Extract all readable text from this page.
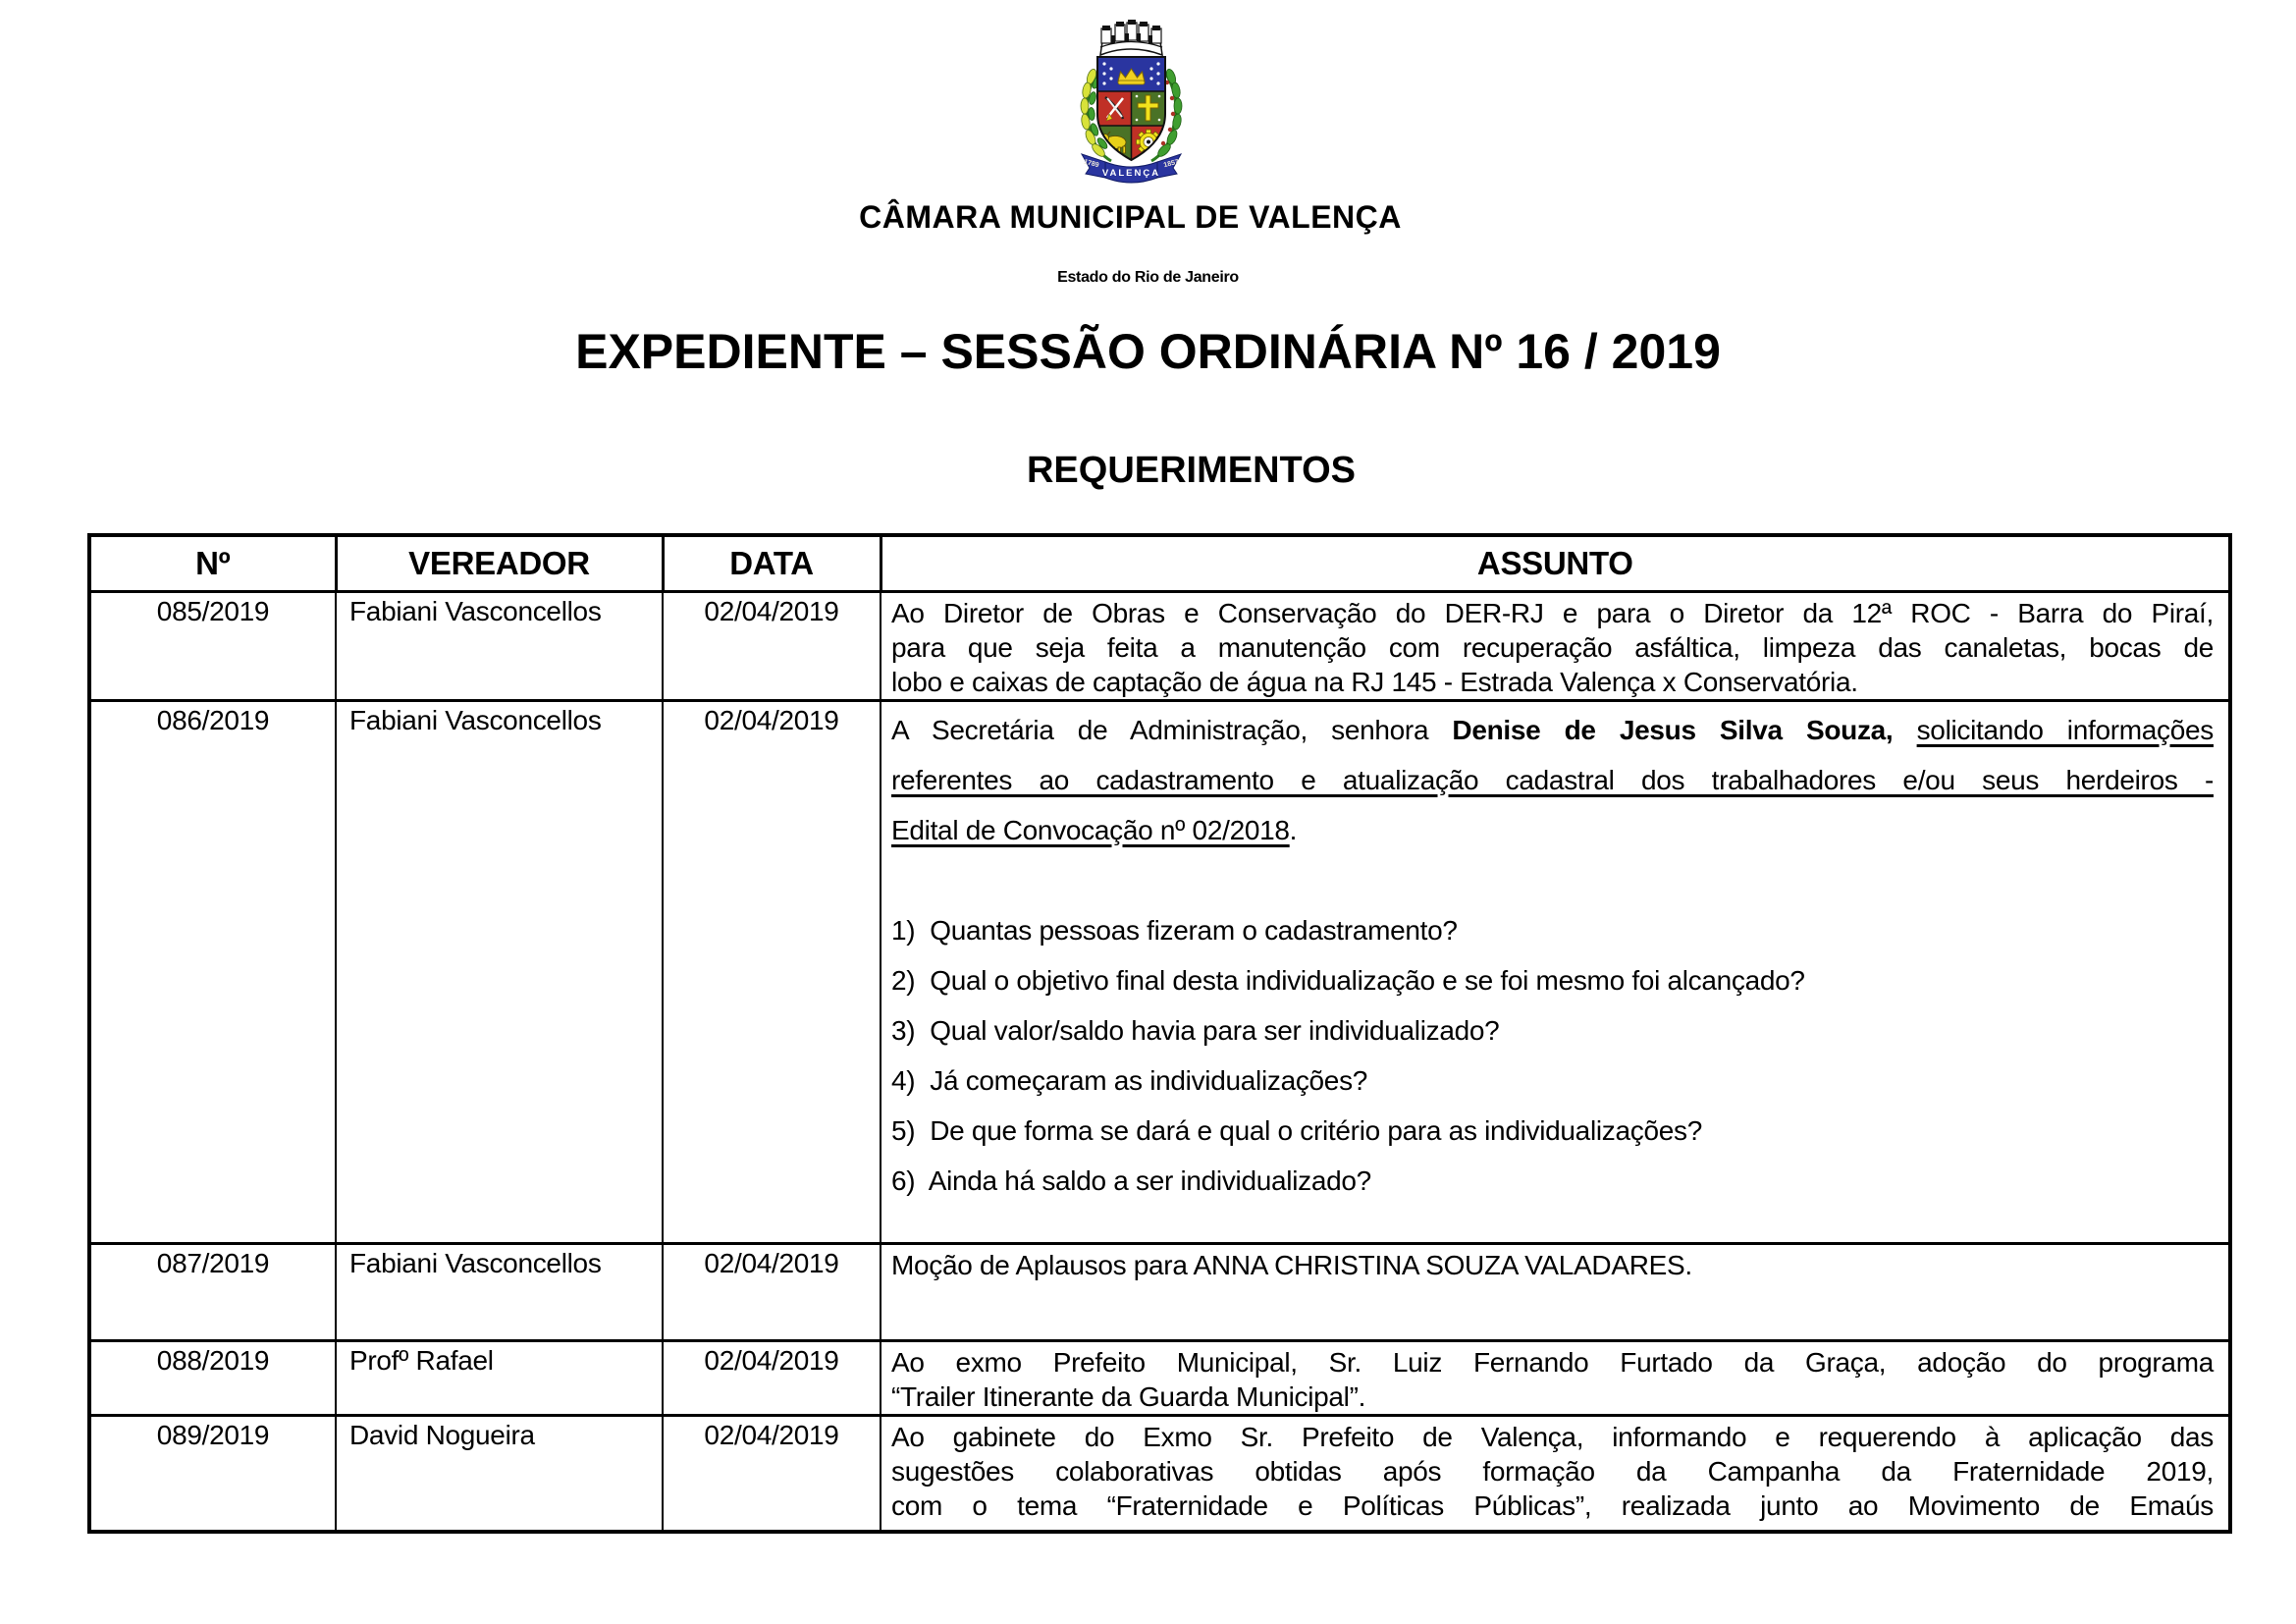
1789	1857
VALENÇA
CÂMARA MUNICIPAL DE VALENÇA
Estado do Rio de Janeiro
EXPEDIENTE – SESSÃO ORDINÁRIA Nº 16 / 2019
REQUERIMENTOS
Nº	VEREADOR	DATA	ASSUNTO
085/2019	Fabiani Vasconcellos	02/04/2019	Ao Diretor de Obras e Conservação do DER-RJ e para o Diretor da 12ª ROC - Barra do Piraí,
para que seja feita a manutenção com recuperação asfáltica, limpeza das canaletas, bocas de
lobo e caixas de captação de água na RJ 145 - Estrada Valença x Conservatória.

086/2019	Fabiani Vasconcellos	02/04/2019	A Secretária de Administração, senhora Denise de Jesus Silva Souza, solicitando informações
referentes ao cadastramento e atualização cadastral dos trabalhadores e/ou seus herdeiros -
Edital de Convocação nº 02/2018.
1)  Quantas pessoas fizeram o cadastramento?
2)  Qual o objetivo final desta individualização e se foi mesmo foi alcançado?
3)  Qual valor/saldo havia para ser individualizado?
4)  Já começaram as individualizações?
5)  De que forma se dará e qual o critério para as individualizações?
6)  Ainda há saldo a ser individualizado?

087/2019	Fabiani Vasconcellos	02/04/2019	Moção de Aplausos para ANNA CHRISTINA SOUZA VALADARES.

088/2019	Profº Rafael	02/04/2019	Ao exmo Prefeito Municipal, Sr. Luiz Fernando Furtado da Graça, adoção do programa
“Trailer Itinerante da Guarda Municipal”.

089/2019	David Nogueira	02/04/2019	Ao gabinete do Exmo Sr. Prefeito de Valença, informando e requerendo à aplicação das
sugestões colaborativas obtidas após formação da Campanha da Fraternidade 2019,
com o tema “Fraternidade e Políticas Públicas”, realizada junto ao Movimento de Emaús
